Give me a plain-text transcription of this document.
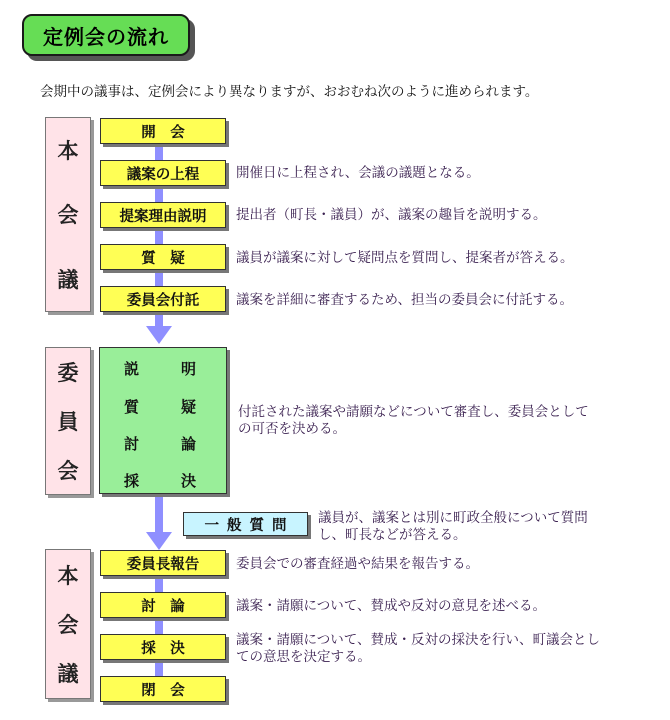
定例会の流れ
会期中の議事は、定例会により異なりますが、おおむね次のように進められます。
本
会
議
開　会
議案の上程	開催日に上程され、会議の議題となる。
提案理由説明	提出者（町長・議員）が、議案の趣旨を説明する。
質　疑	議員が議案に対して疑問点を質問し、提案者が答える。
委員会付託	議案を詳細に審査するため、担当の委員会に付託する。
委
員
会
説	明
質	疑
討	論
採	決
付託された議案や請願などについて審査し、委員会として
の可否を決める。
一般質問	議員が、議案とは別に町政全般について質問
し、町長などが答える。
本
会
議
委員長報告	委員会での審査経過や結果を報告する。
討　論	議案・請願について、賛成や反対の意見を述べる。
採　決
議案・請願について、賛成・反対の採決を行い、町議会とし
ての意思を決定する。
閉　会
